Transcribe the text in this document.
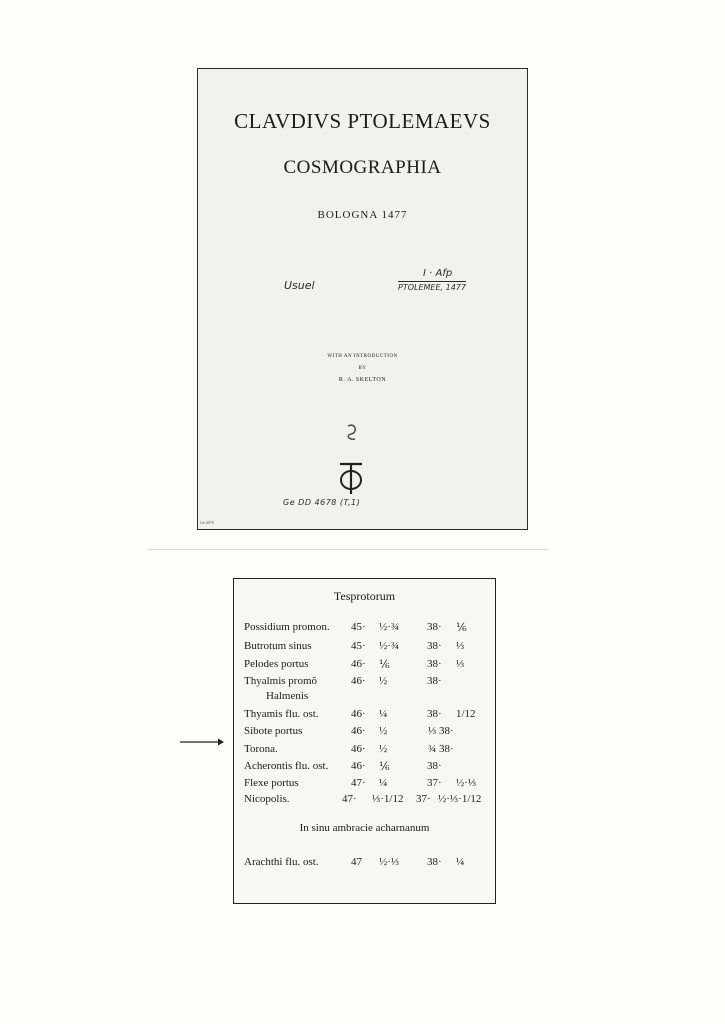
CLAVDIVS PTOLEMAEVS
COSMOGRAPHIA
BOLOGNA 1477
Usuel
I · Afp
PTOLEMEE, 1477
WITH AN INTRODUCTION
BY
R. A. SKELTON
Ge DD 4678 (T,1)
Ge 4678
Tesprotorum
Possidium promon. 45· ½·¾	38· ⅙
Butrotum sinus	45· ½·¾	38· ⅓
Pelodes portus	46· ⅙	38· ⅓
Thyalmis promõ	46· ½	38·
Halmenis
Thyamis flu. ost.	46· ¼	38· 1/12
Sibote portus	46· ½	⅓ 38·
Torona.	46· ½	¾ 38·
Acherontis flu. ost. 46· ⅙	38·
Flexe portus	47· ¼	37· ½·⅓
Nicopolis.	47· ⅓·1/12 37· ½·⅓·1/12
In sinu ambracie acharnanum
Arachthi flu. ost.	47 ½·⅓	38· ¼
